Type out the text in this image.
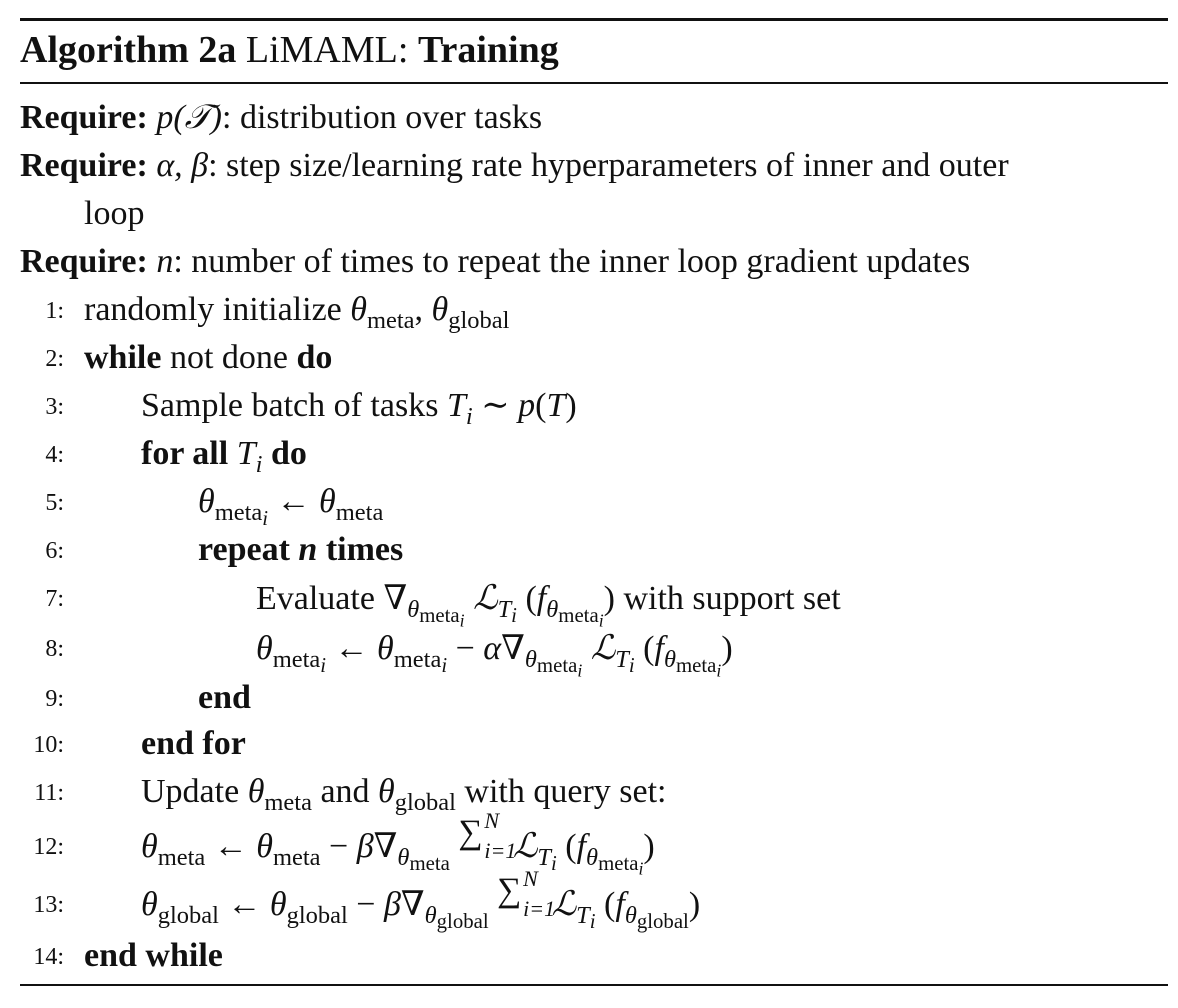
Algorithm 2a LiMAML: Training
Require: p(𝒯): distribution over tasks
Require: α, β: step size/learning rate hyperparameters of inner and outer
loop
Require: n: number of times to repeat the inner loop gradient updates
1: randomly initialize $\theta_{meta}$, $\theta_{global}$
2: while not done do
3: Sample batch of tasks $T_i$ ∼ p(T)
4: for all $T_i$ do
5:	$\theta_{meta_i}$ ← $\theta_{meta}$
6:	repeat n times
7:	Evaluate $\nabla_{\theta_{meta_i}}$ ℒ$_{T_i}$ $(f_{\theta_{meta_i}})$ with support set
8:	$\theta_{meta_i}$ ← $\theta_{meta_i} - \alpha\nabla_{\theta_{meta_i}}$ ℒ$_{T_i}$ $(f_{\theta_{meta_i}})$
9:	end
10: end for
11: Update $\theta_{meta}$ and $\theta_{global}$ with query set:
12: $\theta_{meta}$ ← $\theta_{meta} - \beta\nabla_{\theta_{meta}}$
∑ N
i=1
ℒ$_{T_i}$ $(f_{\theta_{meta_i}})$
13: $\theta_{global}$ ← $\theta_{global} - \beta\nabla_{\theta_{global}}$
∑ N
i=1
ℒ$_{T_i}$ $(f_{\theta_{global}})$
14: end while
